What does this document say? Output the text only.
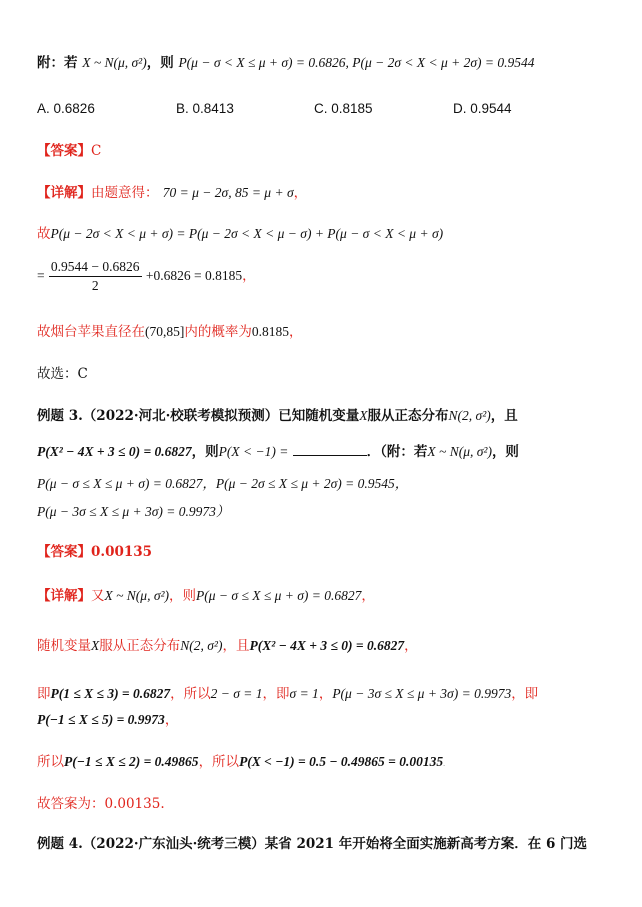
附：若 X ~ N(μ, σ²)，则 P(μ − σ < X ≤ μ + σ) = 0.6826, P(μ − 2σ < X < μ + 2σ) = 0.9544
A. 0.6826	B. 0.8413	C. 0.8185	D. 0.9544
【答案】C
【详解】由题意得： 70 = μ − 2σ, 85 = μ + σ，
故P(μ − 2σ < X < μ + σ) = P(μ − 2σ < X < μ − σ) + P(μ − σ < X < μ + σ)
= $\frac{0.9544 - 0.6826}{2} +0.6826 = 0.8185$，
故烟台苹果直径在(70,85]内的概率为0.8185，
故选：C
例题 3.（2022·河北·校联考模拟预测）已知随机变量X服从正态分布N(2, σ²)，且
P(X² − 4X + 3 ≤ 0) = 0.6827，则P(X < −1) =	．（附：若X ~ N(μ, σ²)，则
P(μ − σ ≤ X ≤ μ + σ) = 0.6827，P(μ − 2σ ≤ X ≤ μ + 2σ) = 0.9545，
P(μ − 3σ ≤ X ≤ μ + 3σ) = 0.9973）
【答案】0.00135
【详解】又X ~ N(μ, σ²)，则P(μ − σ ≤ X ≤ μ + σ) = 0.6827，
随机变量X服从正态分布N(2, σ²)，且P(X² − 4X + 3 ≤ 0) = 0.6827，
即P(1 ≤ X ≤ 3) = 0.6827，所以2 − σ = 1，即σ = 1，P(μ − 3σ ≤ X ≤ μ + 3σ) = 0.9973，即
P(−1 ≤ X ≤ 5) = 0.9973，
所以P(−1 ≤ X ≤ 2) = 0.49865，所以P(X < −1) = 0.5 − 0.49865 = 0.00135.
故答案为：0.00135.
例题 4.（2022·广东汕头·统考三模）某省 2021 年开始将全面实施新高考方案．在 6 门选
